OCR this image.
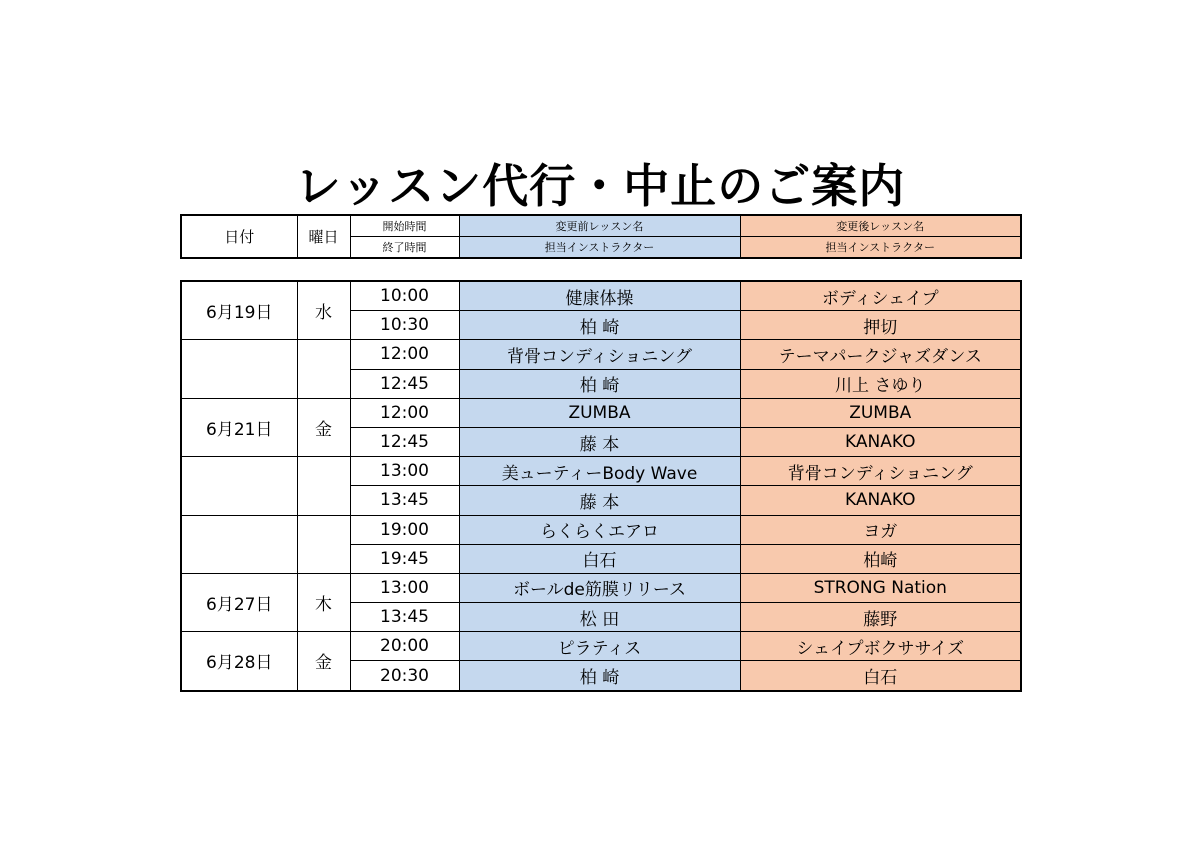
レッスン代行・中止のご案内
日付	曜日	開始時間	変更前レッスン名	変更後レッスン名
		終了時間	担当インストラクター	担当インストラクター
6月19日	水	10:00	健康体操	ボディシェイプ
		10:30	柏 崎	押切
		12:00	背骨コンディショニング	テーマパークジャズダンス
		12:45	柏 崎	川上 さゆり
6月21日	金	12:00	ZUMBA	ZUMBA
		12:45	藤 本	KANAKO
		13:00	美ューティーBody Wave	背骨コンディショニング
		13:45	藤 本	KANAKO
		19:00	らくらくエアロ	ヨガ
		19:45	白石	柏崎
6月27日	木	13:00	ボールde筋膜リリース	STRONG Nation
		13:45	松 田	藤野
6月28日	金	20:00	ピラティス	シェイプボクササイズ
		20:30	柏 崎	白石
